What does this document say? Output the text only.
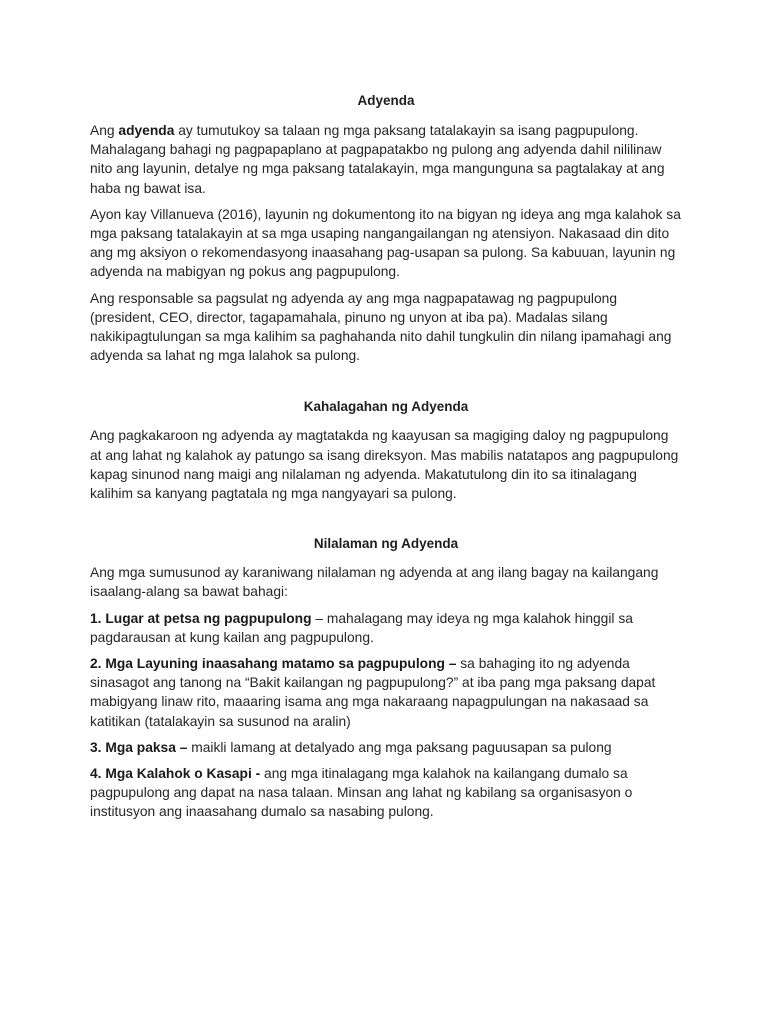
Adyenda

Ang adyenda ay tumutukoy sa talaan ng mga paksang tatalakayin sa isang pagpupulong. Mahalagang bahagi ng pagpapaplano at pagpapatakbo ng pulong ang adyenda dahil nililinaw nito ang layunin, detalye ng mga paksang tatalakayin, mga mangunguna sa pagtalakay at ang haba ng bawat isa.

Ayon kay Villanueva (2016), layunin ng dokumentong ito na bigyan ng ideya ang mga kalahok sa mga paksang tatalakayin at sa mga usaping nangangailangan ng atensiyon. Nakasaad din dito ang mg aksiyon o rekomendasyong inaasahang pag-usapan sa pulong. Sa kabuuan, layunin ng adyenda na mabigyan ng pokus ang pagpupulong.

Ang responsable sa pagsulat ng adyenda ay ang mga nagpapatawag ng pagpupulong (president, CEO, director, tagapamahala, pinuno ng unyon at iba pa). Madalas silang nakikipagtulungan sa mga kalihim sa paghahanda nito dahil tungkulin din nilang ipamahagi ang adyenda sa lahat ng mga lalahok sa pulong.

Kahalagahan ng Adyenda

Ang pagkakaroon ng adyenda ay magtatakda ng kaayusan sa magiging daloy ng pagpupulong at ang lahat ng kalahok ay patungo sa isang direksyon. Mas mabilis natatapos ang pagpupulong kapag sinunod nang maigi ang nilalaman ng adyenda. Makatutulong din ito sa itinalagang kalihim sa kanyang pagtatala ng mga nangyayari sa pulong.

Nilalaman ng Adyenda

Ang mga sumusunod ay karaniwang nilalaman ng adyenda at ang ilang bagay na kailangang isaalang-alang sa bawat bahagi:

1. Lugar at petsa ng pagpupulong – mahalagang may ideya ng mga kalahok hinggil sa pagdarausan at kung kailan ang pagpupulong.

2. Mga Layuning inaasahang matamo sa pagpupulong – sa bahaging ito ng adyenda sinasagot ang tanong na “Bakit kailangan ng pagpupulong?” at iba pang mga paksang dapat mabigyang linaw rito, maaaring isama ang mga nakaraang napagpulungan na nakasaad sa katitikan (tatalakayin sa susunod na aralin)

3. Mga paksa – maikli lamang at detalyado ang mga paksang paguusapan sa pulong

4. Mga Kalahok o Kasapi - ang mga itinalagang mga kalahok na kailangang dumalo sa pagpupulong ang dapat na nasa talaan. Minsan ang lahat ng kabilang sa organisasyon o institusyon ang inaasahang dumalo sa nasabing pulong.
